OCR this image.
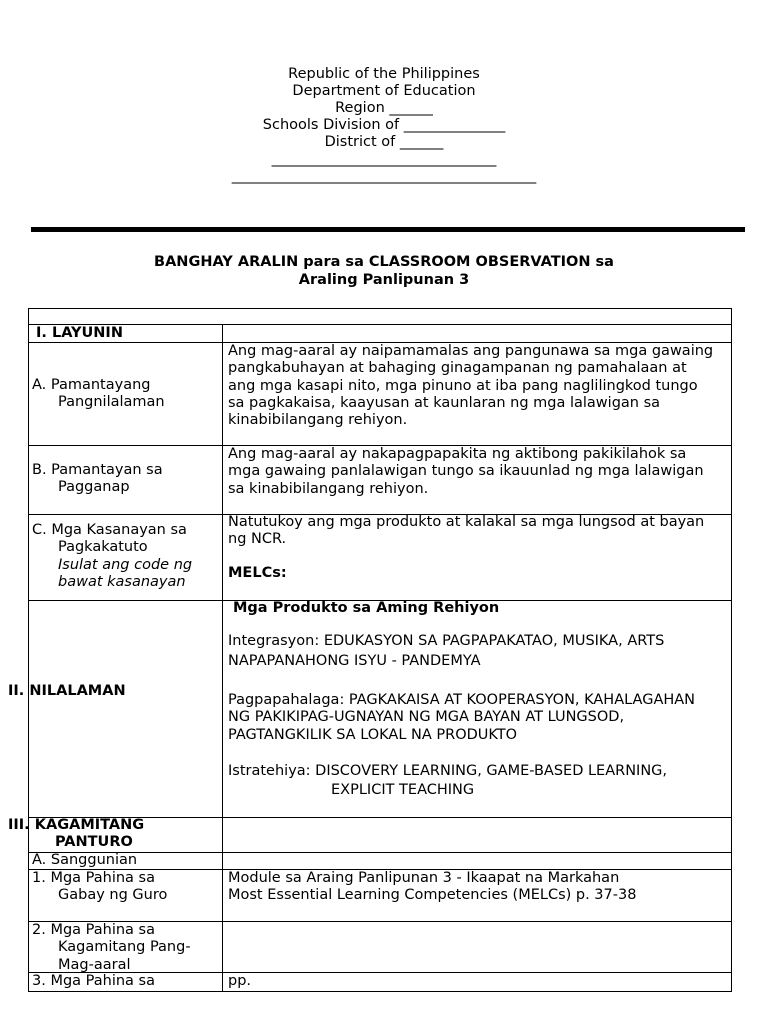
Republic of the Philippines
Department of Education
Region ______
Schools Division of ______________
District of ______
_______________________________
__________________________________________
BANGHAY ARALIN para sa CLASSROOM OBSERVATION sa
Araling Panlipunan 3
I. LAYUNIN
A. Pamantayang
Pangnilalaman
Ang mag-aaral ay naipamamalas ang pangunawa sa mga gawaing pangkabuhayan at bahaging ginagampanan ng pamahalaan at ang mga kasapi nito, mga pinuno at iba pang naglilingkod tungo sa pagkakaisa, kaayusan at kaunlaran ng mga lalawigan sa kinabibilangang rehiyon.
B. Pamantayan sa
Pagganap
Ang mag-aaral ay nakapagpapakita ng aktibong pakikilahok sa mga gawaing panlalawigan tungo sa ikauunlad ng mga lalawigan sa kinabibilangang rehiyon.
C. Mga Kasanayan sa
Pagkakatuto
Isulat ang code ng
bawat kasanayan
Natutukoy ang mga produkto at kalakal sa mga lungsod at bayan ng NCR.
MELCs:
II. NILALAMAN
Mga Produkto sa Aming Rehiyon
Integrasyon: EDUKASYON SA PAGPAPAKATAO, MUSIKA, ARTS
NAPAPANAHONG ISYU - PANDEMYA
Pagpapahalaga: PAGKAKAISA AT KOOPERASYON, KAHALAGAHAN NG PAKIKIPAG-UGNAYAN NG MGA BAYAN AT LUNGSOD, PAGTANGKILIK SA LOKAL NA PRODUKTO
Istratehiya: DISCOVERY LEARNING, GAME-BASED LEARNING,
EXPLICIT TEACHING
III. KAGAMITANG
PANTURO
A. Sanggunian
1. Mga Pahina sa
Gabay ng Guro
Module sa Araing Panlipunan 3 - Ikaapat na Markahan
Most Essential Learning Competencies (MELCs) p. 37-38
2. Mga Pahina sa
Kagamitang Pang-
Mag-aaral
3. Mga Pahina sa	pp.
